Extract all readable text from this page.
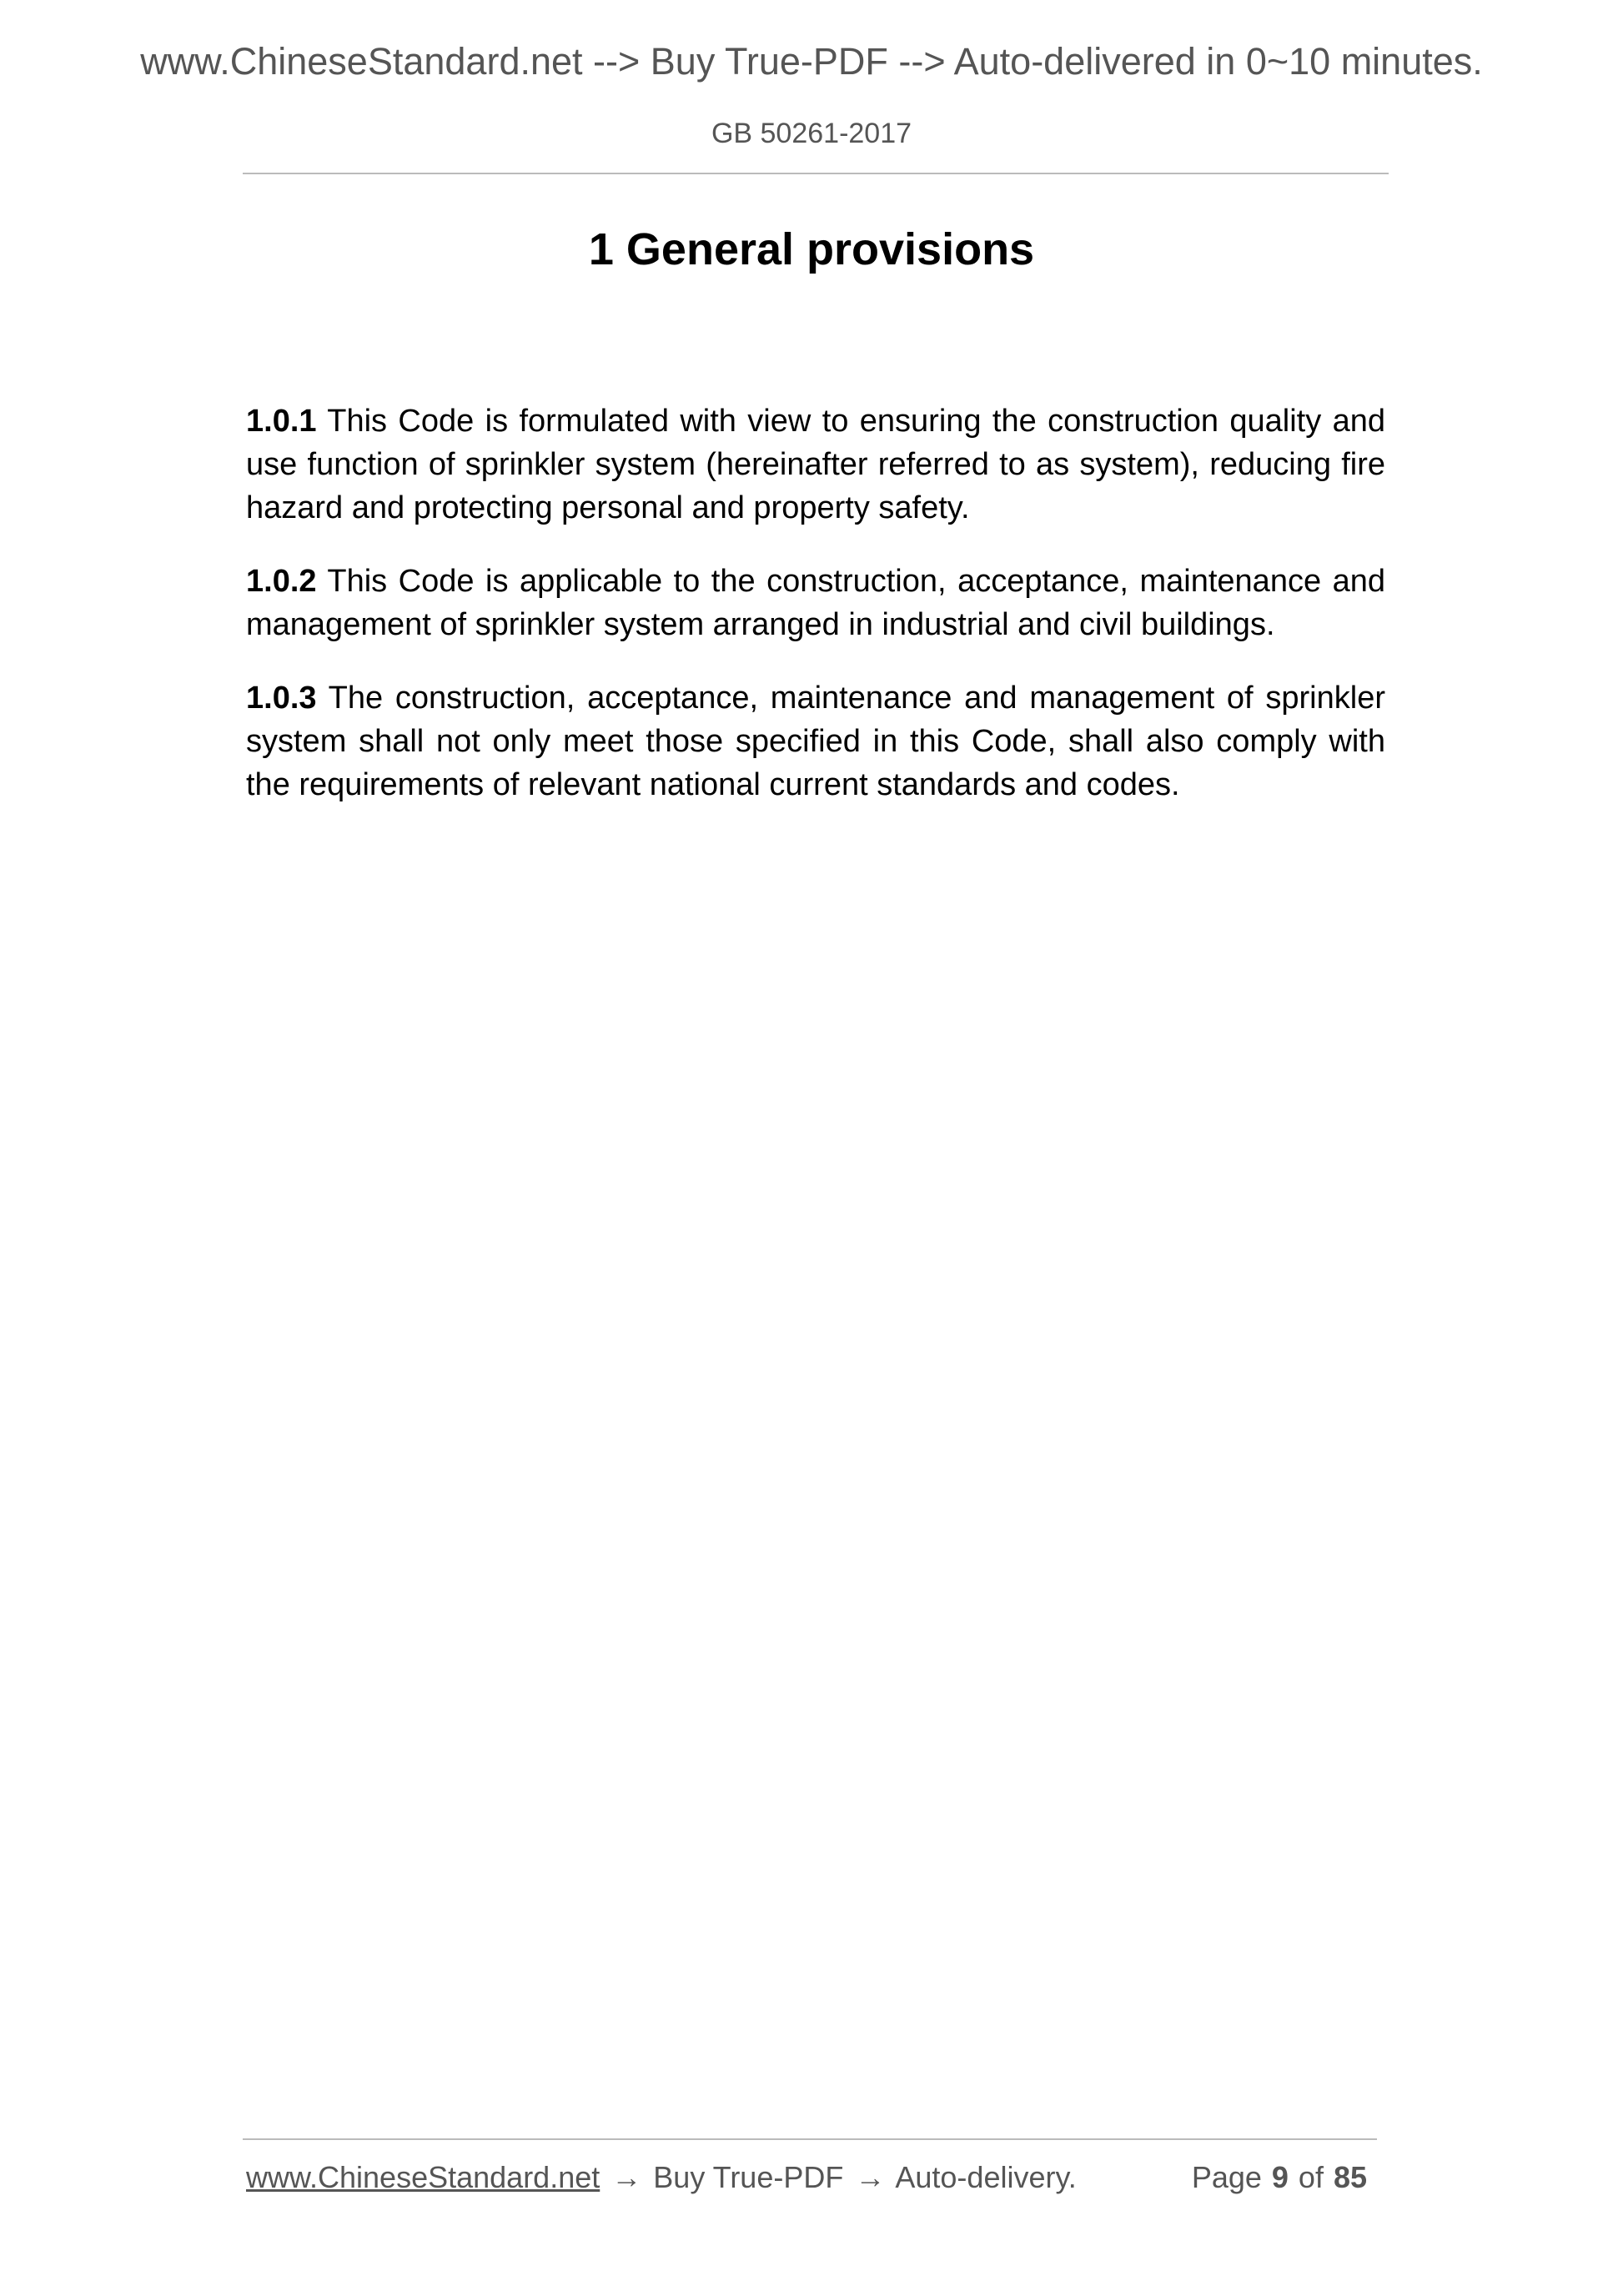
www.ChineseStandard.net --> Buy True-PDF --> Auto-delivered in 0~10 minutes.
GB 50261-2017
1 General provisions

1.0.1 This Code is formulated with view to ensuring the construction quality and use function of sprinkler system (hereinafter referred to as system), reducing fire hazard and protecting personal and property safety.

1.0.2 This Code is applicable to the construction, acceptance, maintenance and management of sprinkler system arranged in industrial and civil buildings.

1.0.3 The construction, acceptance, maintenance and management of sprinkler system shall not only meet those specified in this Code, shall also comply with the requirements of relevant national current standards and codes.

www.ChineseStandard.net → Buy True-PDF → Auto-delivery.	Page 9 of 85
